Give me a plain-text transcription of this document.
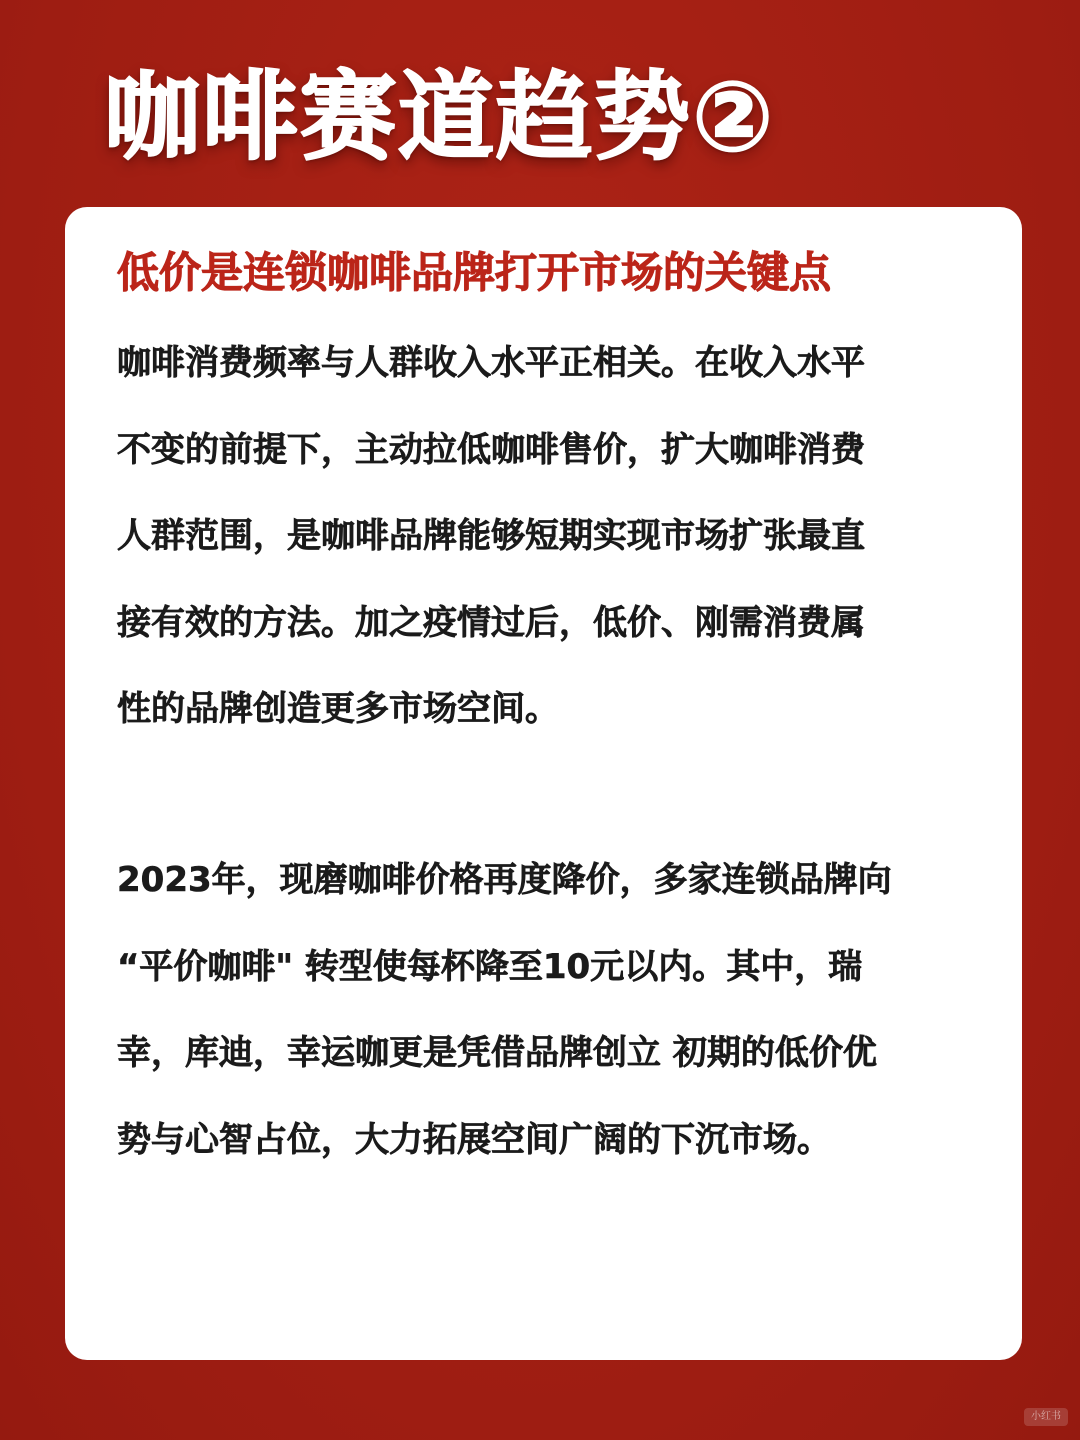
咖啡赛道趋势②
低价是连锁咖啡品牌打开市场的关键点

咖啡消费频率与人群收入水平正相关。在收入水平
不变的前提下，主动拉低咖啡售价，扩大咖啡消费
人群范围，是咖啡品牌能够短期实现市场扩张最直
接有效的方法。加之疫情过后，低价、刚需消费属
性的品牌创造更多市场空间。

2023年，现磨咖啡价格再度降价，多家连锁品牌向
“平价咖啡" 转型使每杯降至10元以内。其中，瑞
幸，库迪，幸运咖更是凭借品牌创立 初期的低价优
势与心智占位，大力拓展空间广阔的下沉市场。

小红书
